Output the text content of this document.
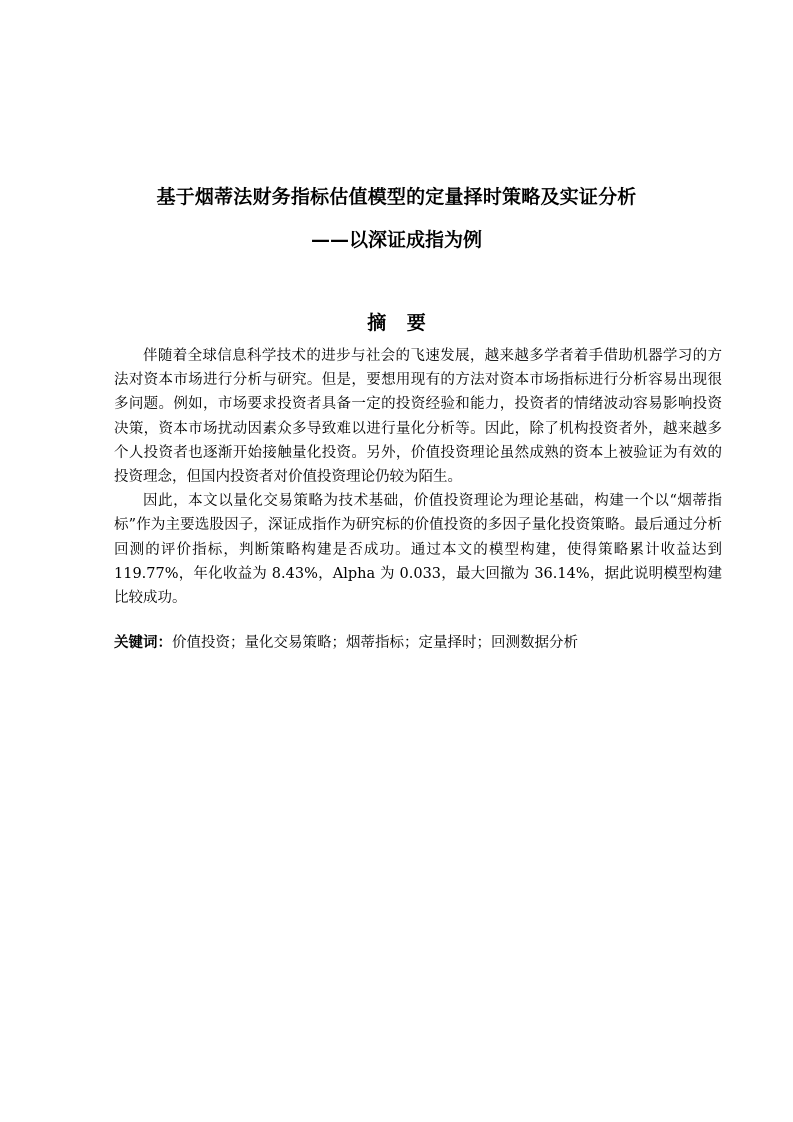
基于烟蒂法财务指标估值模型的定量择时策略及实证分析
——以深证成指为例
摘 要

伴随着全球信息科学技术的进步与社会的飞速发展，越来越多学者着手借助机器学习的方法对资本市场进行分析与研究。但是，要想用现有的方法对资本市场指标进行分析容易出现很多问题。例如，市场要求投资者具备一定的投资经验和能力，投资者的情绪波动容易影响投资决策，资本市场扰动因素众多导致难以进行量化分析等。因此，除了机构投资者外，越来越多个人投资者也逐渐开始接触量化投资。另外，价值投资理论虽然成熟的资本上被验证为有效的投资理念，但国内投资者对价值投资理论仍较为陌生。

因此，本文以量化交易策略为技术基础，价值投资理论为理论基础，构建一个以“烟蒂指标”作为主要选股因子，深证成指作为研究标的价值投资的多因子量化投资策略。最后通过分析回测的评价指标，判断策略构建是否成功。通过本文的模型构建，使得策略累计收益达到 119.77%，年化收益为 8.43%，Alpha 为 0.033，最大回撤为 36.14%，据此说明模型构建比较成功。

关键词：价值投资；量化交易策略；烟蒂指标；定量择时；回测数据分析
